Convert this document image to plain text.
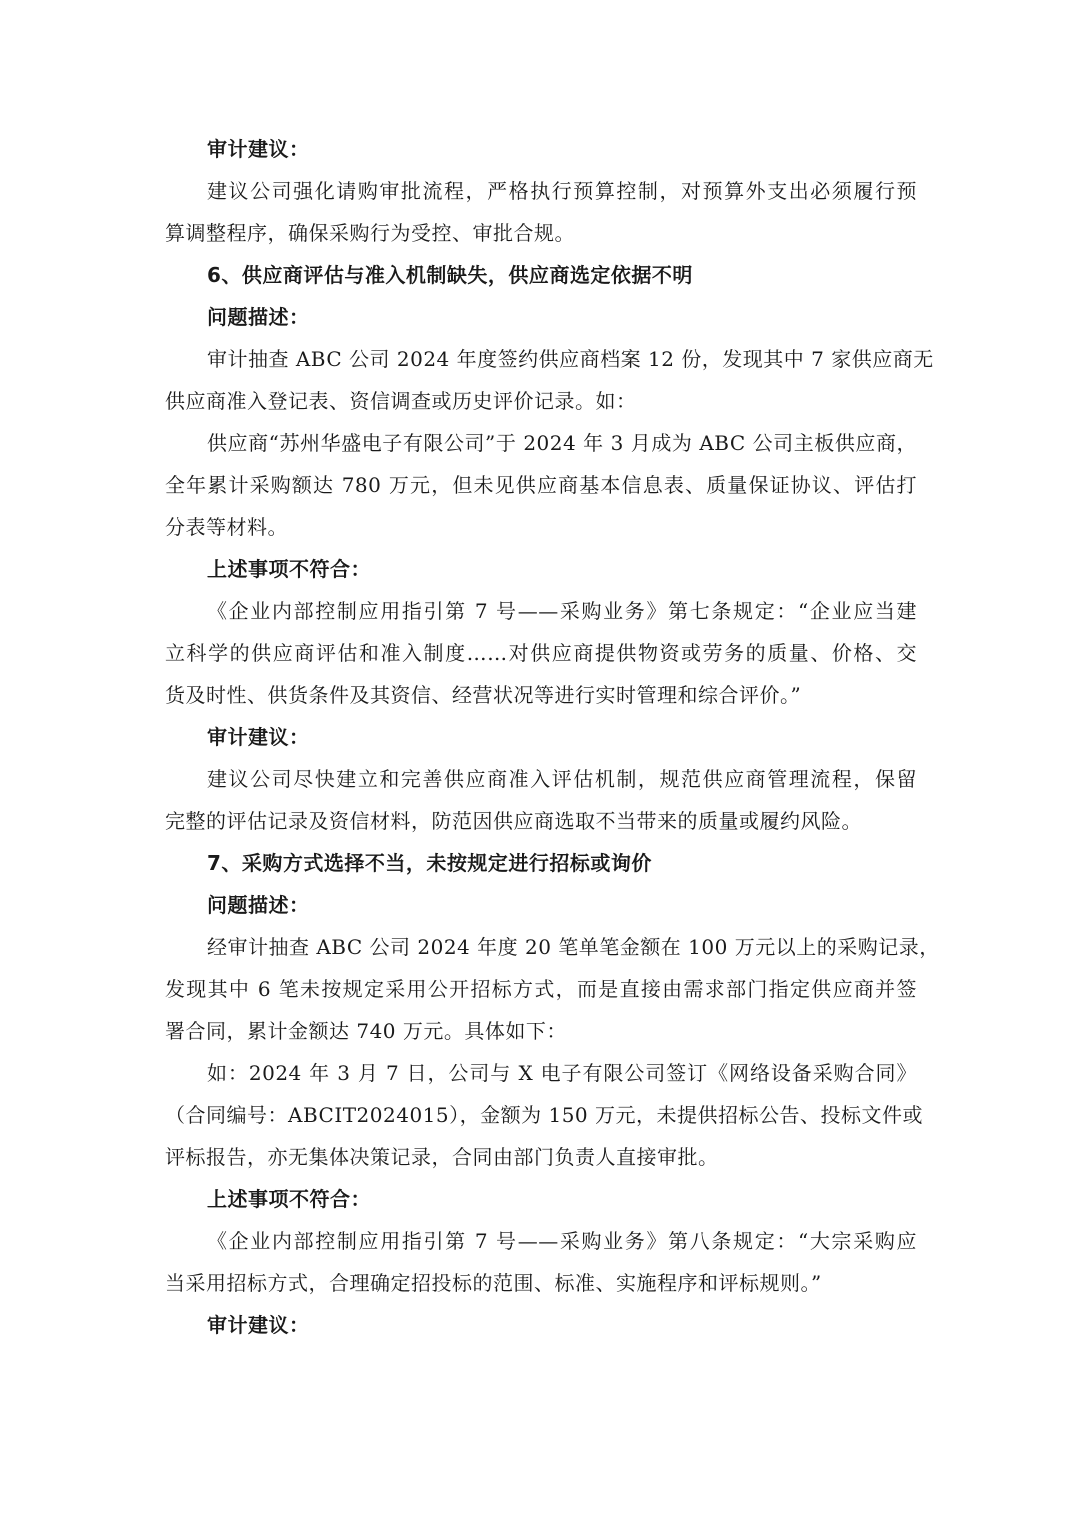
审计建议：
建议公司强化请购审批流程，严格执行预算控制，对预算外支出必须履行预
算调整程序，确保采购行为受控、审批合规。
6、供应商评估与准入机制缺失，供应商选定依据不明
问题描述：
审计抽查 ABC 公司 2024 年度签约供应商档案 12 份，发现其中 7 家供应商无
供应商准入登记表、资信调查或历史评价记录。如：
供应商“苏州华盛电子有限公司”于 2024 年 3 月成为 ABC 公司主板供应商，
全年累计采购额达 780 万元，但未见供应商基本信息表、质量保证协议、评估打
分表等材料。
上述事项不符合：
《企业内部控制应用指引第 7 号——采购业务》第七条规定：“企业应当建
立科学的供应商评估和准入制度……对供应商提供物资或劳务的质量、价格、交
货及时性、供货条件及其资信、经营状况等进行实时管理和综合评价。”
审计建议：
建议公司尽快建立和完善供应商准入评估机制，规范供应商管理流程，保留
完整的评估记录及资信材料，防范因供应商选取不当带来的质量或履约风险。
7、采购方式选择不当，未按规定进行招标或询价
问题描述：
经审计抽查 ABC 公司 2024 年度 20 笔单笔金额在 100 万元以上的采购记录，
发现其中 6 笔未按规定采用公开招标方式，而是直接由需求部门指定供应商并签
署合同，累计金额达 740 万元。具体如下：
如：2024 年 3 月 7 日，公司与 X 电子有限公司签订《网络设备采购合同》
（合同编号：ABCIT2024015），金额为 150 万元，未提供招标公告、投标文件或
评标报告，亦无集体决策记录，合同由部门负责人直接审批。
上述事项不符合：
《企业内部控制应用指引第 7 号——采购业务》第八条规定：“大宗采购应
当采用招标方式，合理确定招投标的范围、标准、实施程序和评标规则。”
审计建议：
